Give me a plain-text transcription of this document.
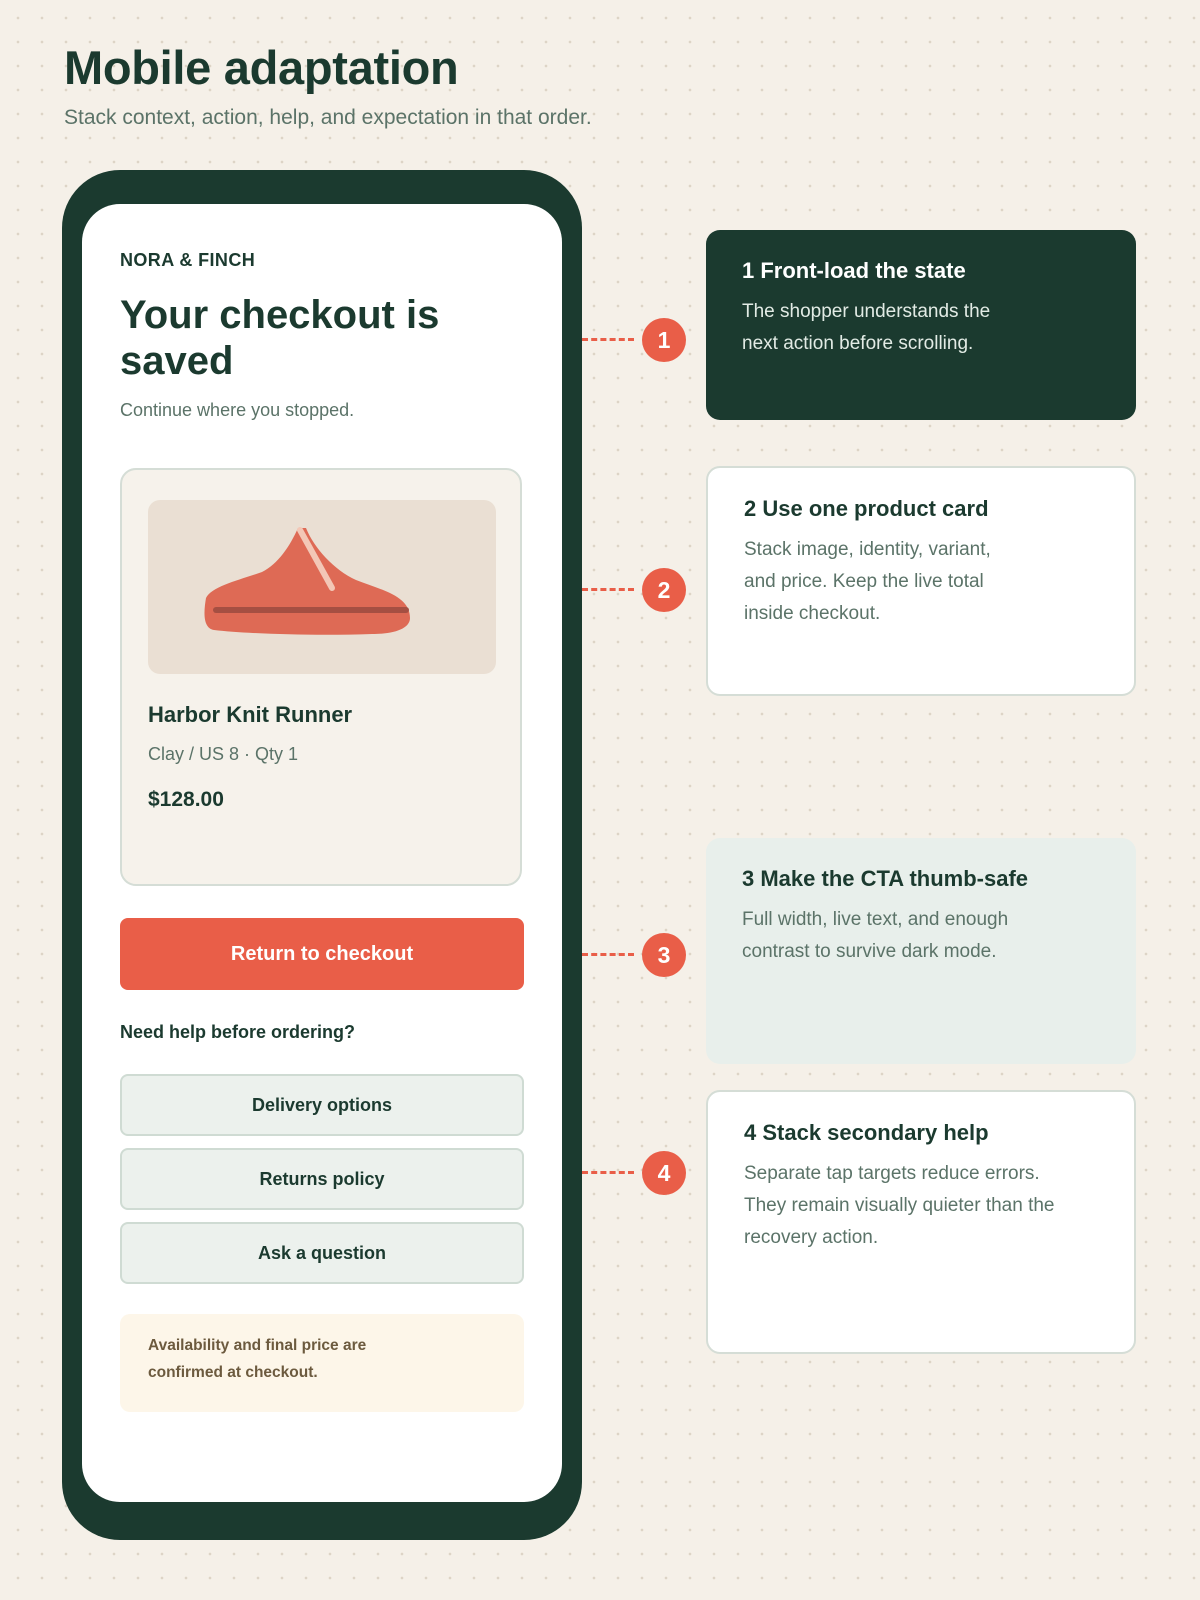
Mobile adaptation
Stack context, action, help, and expectation in that order.
NORA & FINCH
Your checkout is saved
Continue where you stopped.
Harbor Knit Runner
Clay / US 8 · Qty 1
$128.00
Return to checkout
Need help before ordering?
Delivery options
Returns policy
Ask a question
Availability and final price are confirmed at checkout.
1
2
3
4
1 Front-load the state
The shopper understands the next action before scrolling.
2 Use one product card
Stack image, identity, variant, and price. Keep the live total inside checkout.
3 Make the CTA thumb-safe
Full width, live text, and enough contrast to survive dark mode.
4 Stack secondary help
Separate tap targets reduce errors. They remain visually quieter than the recovery action.
